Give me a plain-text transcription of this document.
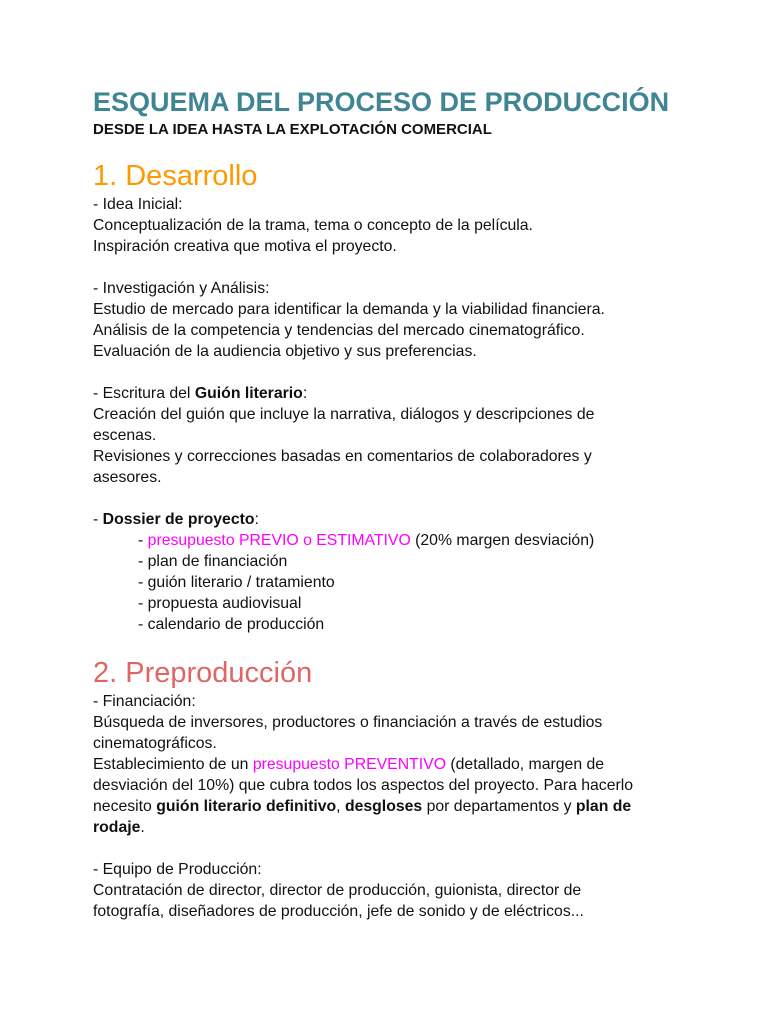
ESQUEMA DEL PROCESO DE PRODUCCIÓN
DESDE LA IDEA HASTA LA EXPLOTACIÓN COMERCIAL
1. Desarrollo
- Idea Inicial:
Conceptualización de la trama, tema o concepto de la película.
Inspiración creativa que motiva el proyecto.
- Investigación y Análisis:
Estudio de mercado para identificar la demanda y la viabilidad financiera.
Análisis de la competencia y tendencias del mercado cinematográfico.
Evaluación de la audiencia objetivo y sus preferencias.
- Escritura del Guión literario:
Creación del guión que incluye la narrativa, diálogos y descripciones de
escenas.
Revisiones y correcciones basadas en comentarios de colaboradores y
asesores.
- Dossier de proyecto:
- presupuesto PREVIO o ESTIMATIVO (20% margen desviación)
- plan de financiación
- guión literario / tratamiento
- propuesta audiovisual
- calendario de producción
2. Preproducción
- Financiación:
Búsqueda de inversores, productores o financiación a través de estudios
cinematográficos.
Establecimiento de un presupuesto PREVENTIVO (detallado, margen de desviación del 10%) que cubra todos los aspectos del proyecto. Para hacerlo necesito guión literario definitivo, desgloses por departamentos y plan de rodaje.
- Equipo de Producción:
Contratación de director, director de producción, guionista, director de
fotografía, diseñadores de producción, jefe de sonido y de eléctricos...
